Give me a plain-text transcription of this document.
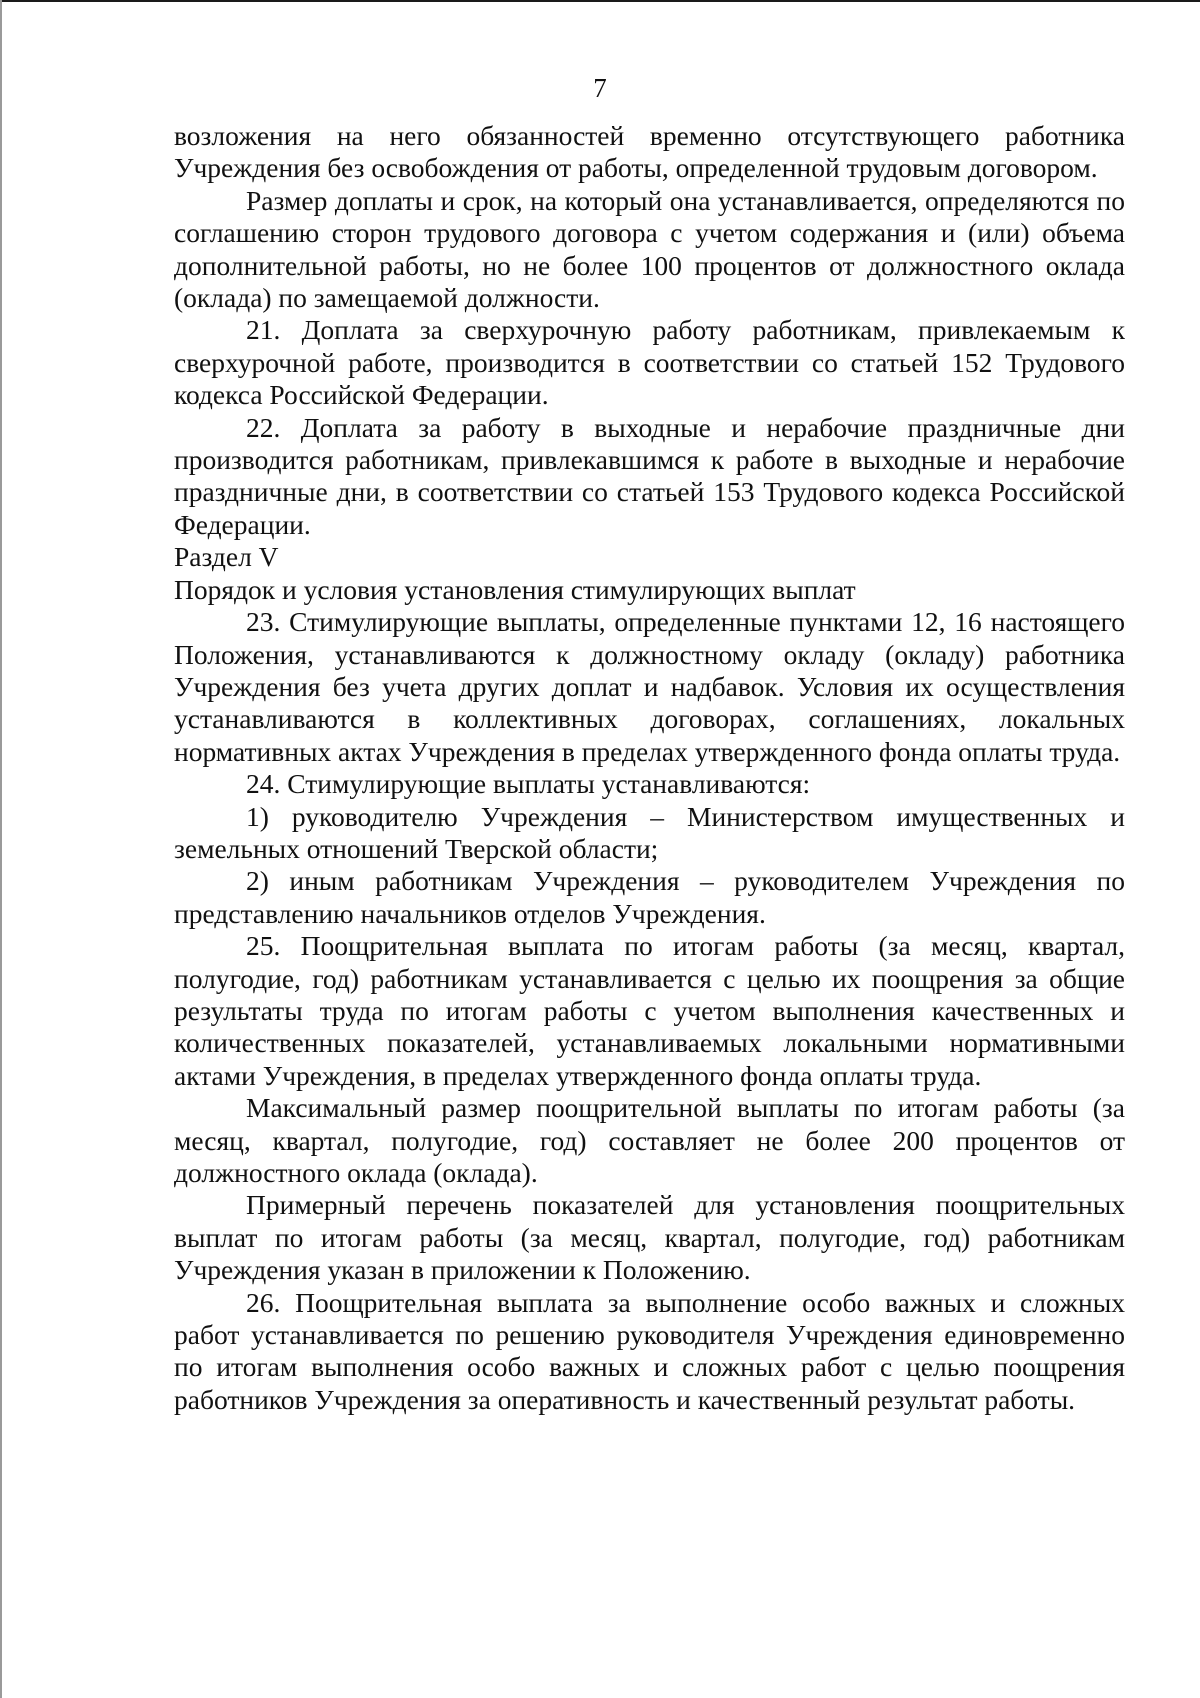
7

возложения на него обязанностей временно отсутствующего работника Учреждения без освобождения от работы, определенной трудовым договором.

Размер доплаты и срок, на который она устанавливается, определяются по соглашению сторон трудового договора с учетом содержания и (или) объема дополнительной работы, но не более 100 процентов от должностного оклада (оклада) по замещаемой должности.

21. Доплата за сверхурочную работу работникам, привлекаемым к сверхурочной работе, производится в соответствии со статьей 152 Трудового кодекса Российской Федерации.

22. Доплата за работу в выходные и нерабочие праздничные дни производится работникам, привлекавшимся к работе в выходные и нерабочие праздничные дни, в соответствии со статьей 153 Трудового кодекса Российской Федерации.

Раздел V

Порядок и условия установления стимулирующих выплат

23. Стимулирующие выплаты, определенные пунктами 12, 16 настоящего Положения, устанавливаются к должностному окладу (окладу) работника Учреждения без учета других доплат и надбавок. Условия их осуществления устанавливаются в коллективных договорах, соглашениях, локальных нормативных актах Учреждения в пределах утвержденного фонда оплаты труда.

24. Стимулирующие выплаты устанавливаются:

1) руководителю Учреждения – Министерством имущественных и земельных отношений Тверской области;

2) иным работникам Учреждения – руководителем Учреждения по представлению начальников отделов Учреждения.

25. Поощрительная выплата по итогам работы (за месяц, квартал, полугодие, год) работникам устанавливается с целью их поощрения за общие результаты труда по итогам работы с учетом выполнения качественных и количественных показателей, устанавливаемых локальными нормативными актами Учреждения, в пределах утвержденного фонда оплаты труда.

Максимальный размер поощрительной выплаты по итогам работы (за месяц, квартал, полугодие, год) составляет не более 200 процентов от должностного оклада (оклада).

Примерный перечень показателей для установления поощрительных выплат по итогам работы (за месяц, квартал, полугодие, год) работникам Учреждения указан в приложении к Положению.

26. Поощрительная выплата за выполнение особо важных и сложных работ устанавливается по решению руководителя Учреждения единовременно по итогам выполнения особо важных и сложных работ с целью поощрения работников Учреждения за оперативность и качественный результат работы.
